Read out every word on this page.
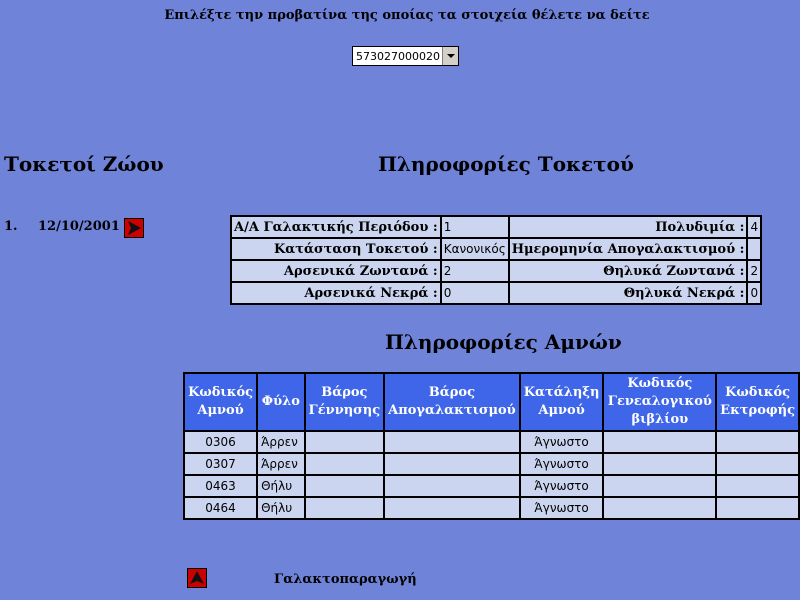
Επιλέξτε την προβατίνα της οποίας τα στοιχεία θέλετε να δείτε
573027000020
Τοκετοί Ζώου	Πληροφορίες Τοκετού
1. 12/10/2001	Α/Α Γαλακτικής Περιόδου :	1	Πολυδιμία :	4
Κατάσταση Τοκετού :	Κανονικός	Ημερομηνία Απογαλακτισμού :	
Αρσενικά Ζωντανά :	2	Θηλυκά Ζωντανά :	2
Αρσενικά Νεκρά :	0	Θηλυκά Νεκρά :	0
Πληροφορίες Αμνών
Κωδικός Αμνού	Φύλο	Βάρος Γέννησης	Βάρος Απογαλακτισμού	Κατάληξη Αμνού	Κωδικός Γενεαλογικού βιβλίου	Κωδικός Εκτροφής
0306	Άρρεν			Άγνωστο		
0307	Άρρεν			Άγνωστο		
0463	Θήλυ			Άγνωστο		
0464	Θήλυ			Άγνωστο		
Γαλακτοπαραγωγή
